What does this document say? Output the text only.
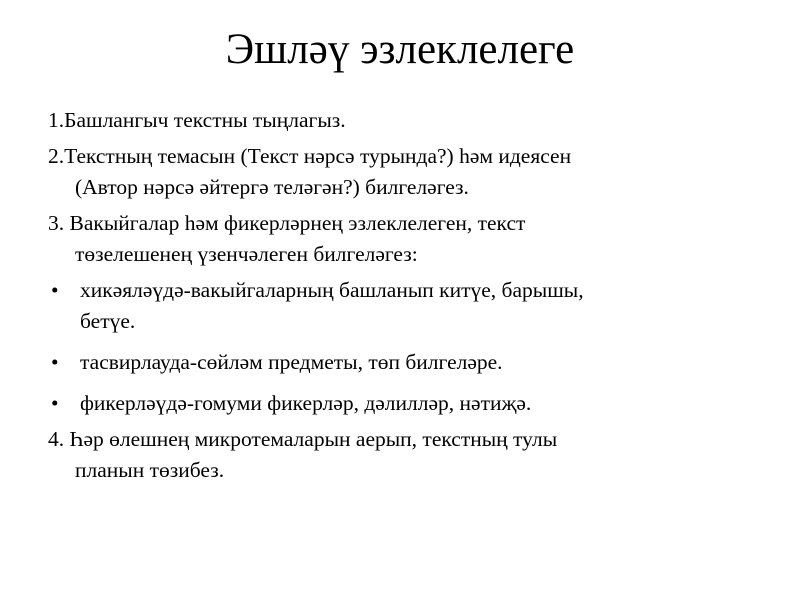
Эшләү эзлеклелеге
1.Башлангыч текстны тыңлагыз.
2.Текстның темасын (Текст нәрсә турында?) һәм идеясен
(Автор нәрсә әйтергә теләгән?) билгеләгез.
3. Вакыйгалар һәм фикерләрнең эзлеклелеген, текст
төзелешенең үзенчәлеген билгеләгез:
• хикәяләүдә-вакыйгаларның башланып китүе, барышы,
бетүе.
• тасвирлауда-сөйләм предметы, төп билгеләре.
• фикерләүдә-гомуми фикерләр, дәлилләр, нәтиҗә.
4. Һәр өлешнең микротемаларын аерып, текстның тулы
планын төзибез.
